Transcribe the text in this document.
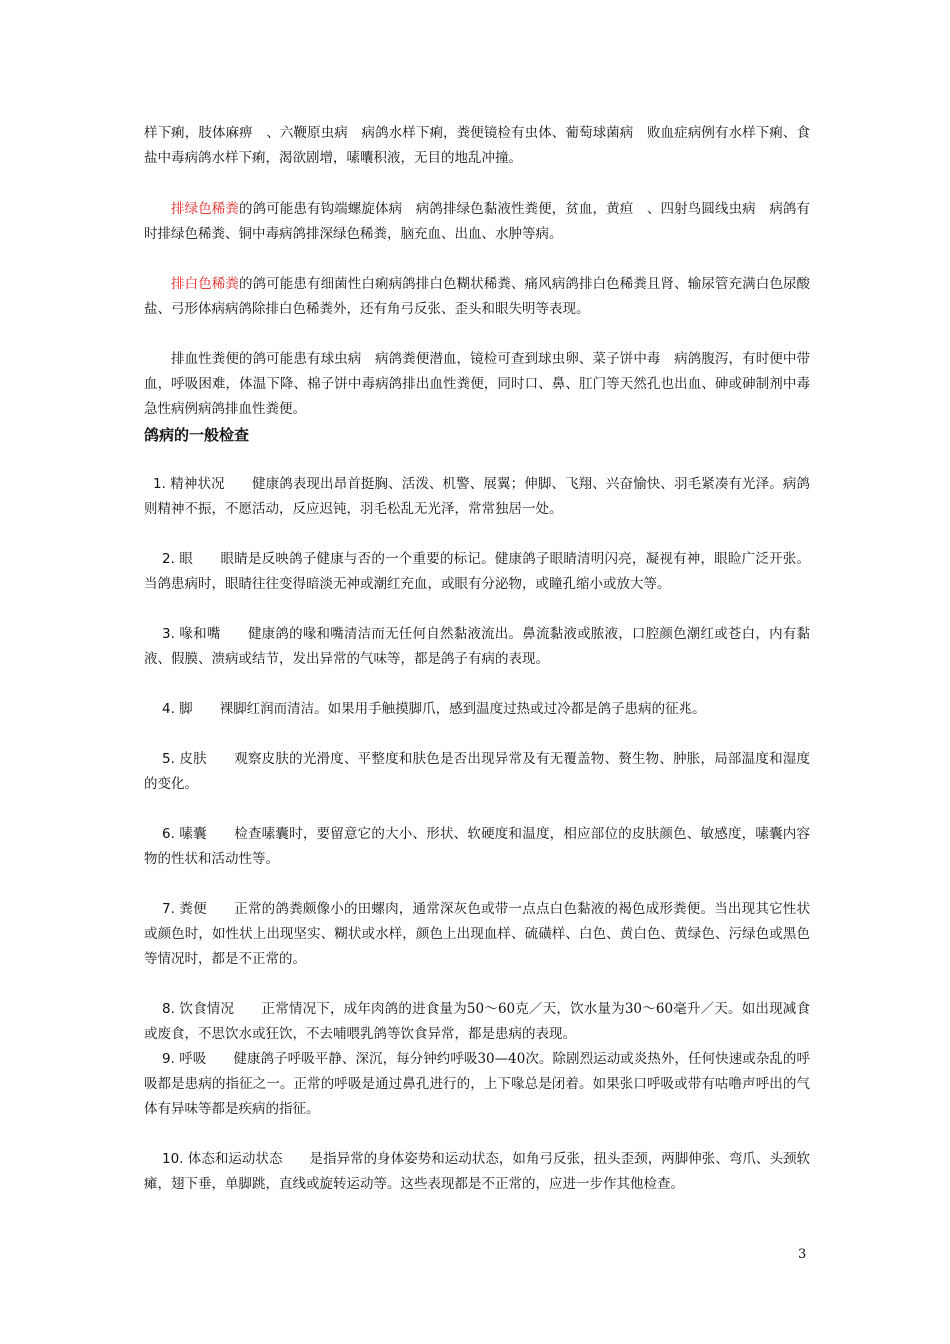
样下痢，肢体麻痹　、六鞭原虫病　病鸽水样下痢，粪便镜检有虫体、葡萄球菌病　败血症病例有水样下痢、食盐中毒病鸽水样下痢，渴欲剧增，嗉囔积液，无目的地乱冲撞。

排绿色稀粪的鸽可能患有钩端螺旋体病　病鸽排绿色黏液性粪便，贫血，黄疸　、四射鸟圆线虫病　病鸽有时排绿色稀粪、铜中毒病鸽排深绿色稀粪，脑充血、出血、水肿等病。

排白色稀粪的鸽可能患有细菌性白痢病鸽排白色糊状稀粪、痛风病鸽排白色稀粪且肾、输尿管充满白色尿酸盐、弓形体病病鸽除排白色稀粪外，还有角弓反张、歪头和眼失明等表现。

排血性粪便的鸽可能患有球虫病　病鸽粪便潜血，镜检可查到球虫卵、菜子饼中毒　病鸽腹泻，有时便中带血，呼吸困难，体温下降、棉子饼中毒病鸽排出血性粪便，同时口、鼻、肛门等天然孔也出血、砷或砷制剂中毒急性病例病鸽排血性粪便。

鸽病的一般检查

1. 精神状况　　健康鸽表现出昂首挺胸、活泼、机警、展翼；伸脚、飞翔、兴奋愉快、羽毛紧凑有光泽。病鸽则精神不振，不愿活动，反应迟钝，羽毛松乱无光泽，常常独居一处。

2. 眼　　眼睛是反映鸽子健康与否的一个重要的标记。健康鸽子眼睛清明闪亮，凝视有神，眼睑广泛开张。当鸽患病时，眼睛往往变得暗淡无神或潮红充血，或眼有分泌物，或瞳孔缩小或放大等。

3. 喙和嘴　　健康鸽的喙和嘴清洁而无任何自然黏液流出。鼻流黏液或脓液，口腔颜色潮红或苍白，内有黏液、假膜、溃病或结节，发出异常的气味等，都是鸽子有病的表现。

4. 脚　　裸脚红润而清洁。如果用手触摸脚爪，感到温度过热或过冷都是鸽子患病的征兆。

5. 皮肤　　观察皮肤的光滑度、平整度和肤色是否出现异常及有无覆盖物、赘生物、肿胀，局部温度和湿度的变化。

6. 嗉囊　　检查嗉囊时，要留意它的大小、形状、软硬度和温度，相应部位的皮肤颜色、敏感度，嗉囊内容物的性状和活动性等。

7. 粪便　　正常的鸽粪颇像小的田螺肉，通常深灰色或带一点点白色黏液的褐色成形粪便。当出现其它性状或颜色时，如性状上出现坚实、糊状或水样，颜色上出现血样、硫磺样、白色、黄白色、黄绿色、污绿色或黑色等情况时，都是不正常的。

8. 饮食情况　　正常情况下，成年肉鸽的进食量为50～60克／天，饮水量为30～60毫升／天。如出现减食或废食，不思饮水或狂饮，不去哺喂乳鸽等饮食异常，都是患病的表现。

9. 呼吸　　健康鸽子呼吸平静、深沉，每分钟约呼吸30—40次。除剧烈运动或炎热外，任何快速或杂乱的呼吸都是患病的指征之一。正常的呼吸是通过鼻孔进行的，上下喙总是闭着。如果张口呼吸或带有咕噜声呼出的气体有异味等都是疾病的指征。

10. 体态和运动状态　　是指异常的身体姿势和运动状态，如角弓反张，扭头歪颈，两脚伸张、弯爪、头颈软瘫，翅下垂，单脚跳，直线或旋转运动等。这些表现都是不正常的，应进一步作其他检查。

3
